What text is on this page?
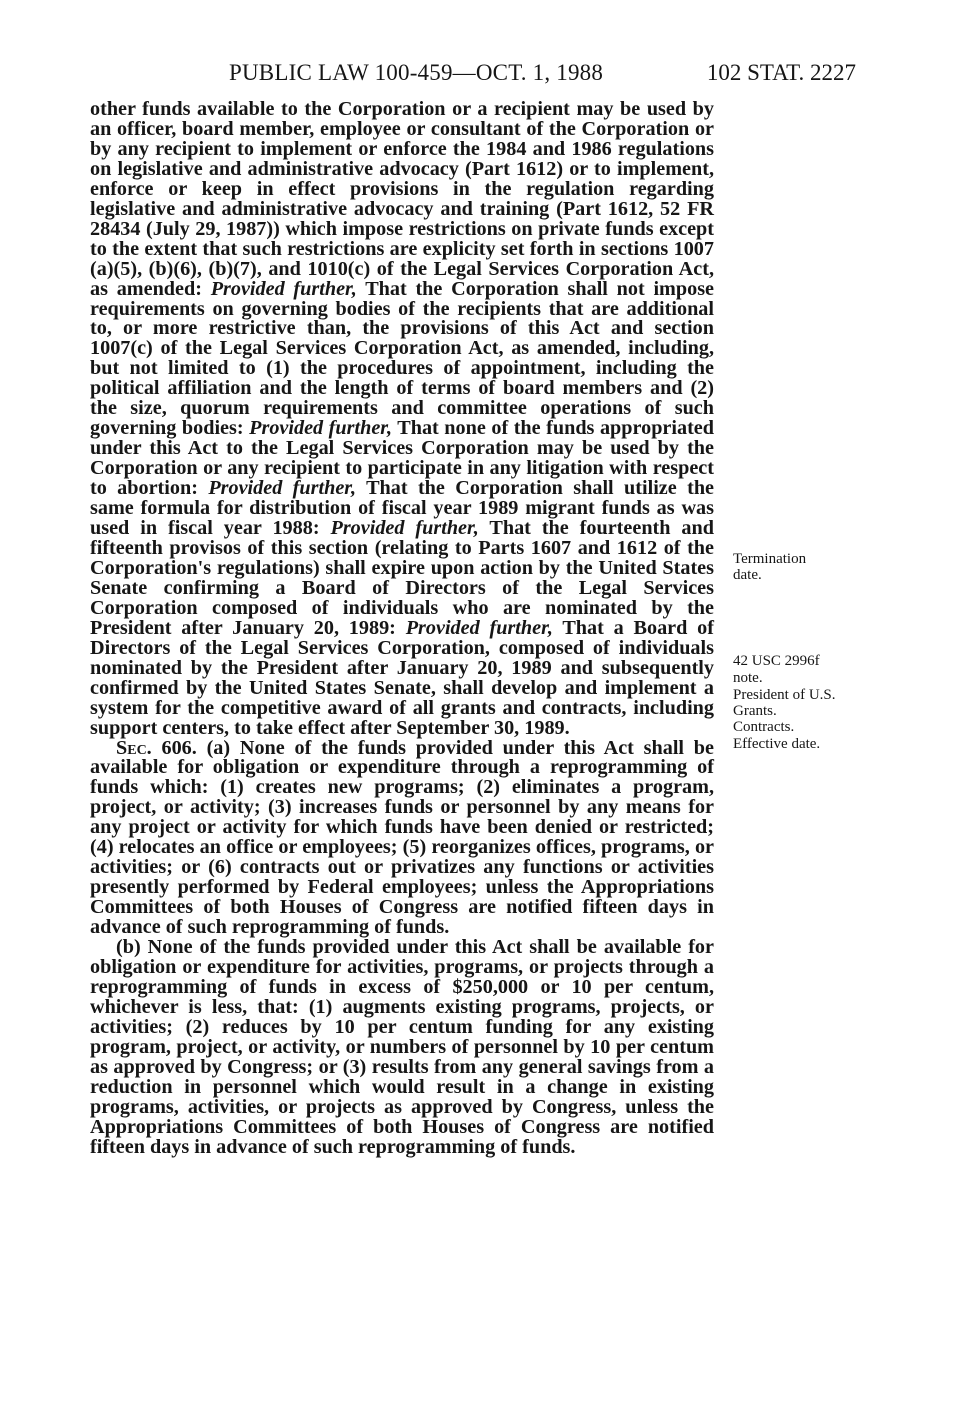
PUBLIC LAW 100-459—OCT. 1, 1988	102 STAT. 2227

other funds available to the Corporation or a recipient may be used by an officer, board member, employee or consultant of the Corporation or by any recipient to implement or enforce the 1984 and 1986 regulations on legislative and administrative advocacy (Part 1612) or to implement, enforce or keep in effect provisions in the regulation regarding legislative and administrative advocacy and training (Part 1612, 52 FR 28434 (July 29, 1987)) which impose restrictions on private funds except to the extent that such restrictions are explicity set forth in sections 1007 (a)(5), (b)(6), (b)(7), and 1010(c) of the Legal Services Corporation Act, as amended: Provided further, That the Corporation shall not impose requirements on governing bodies of the recipients that are additional to, or more restrictive than, the provisions of this Act and section 1007(c) of the Legal Services Corporation Act, as amended, including, but not limited to (1) the procedures of appointment, including the political affiliation and the length of terms of board members and (2) the size, quorum requirements and committee operations of such governing bodies: Provided further, That none of the funds appropriated under this Act to the Legal Services Corporation may be used by the Corporation or any recipient to participate in any litigation with respect to abortion: Provided further, That the Corporation shall utilize the same formula for distribution of fiscal year 1989 migrant funds as was used in fiscal year 1988: Provided further, That the fourteenth and fifteenth provisos of this section (relating to Parts 1607 and 1612 of the Corporation's regulations) shall expire upon action by the United States Senate confirming a Board of Directors of the Legal Services Corporation composed of individuals who are nominated by the President after January 20, 1989: Provided further, That a Board of Directors of the Legal Services Corporation, composed of individuals nominated by the President after January 20, 1989 and subsequently confirmed by the United States Senate, shall develop and implement a system for the competitive award of all grants and contracts, including support centers, to take effect after September 30, 1989.

Sec. 606. (a) None of the funds provided under this Act shall be available for obligation or expenditure through a reprogramming of funds which: (1) creates new programs; (2) eliminates a program, project, or activity; (3) increases funds or personnel by any means for any project or activity for which funds have been denied or restricted; (4) relocates an office or employees; (5) reorganizes offices, programs, or activities; or (6) contracts out or privatizes any functions or activities presently performed by Federal employees; unless the Appropriations Committees of both Houses of Congress are notified fifteen days in advance of such reprogramming of funds.

(b) None of the funds provided under this Act shall be available for obligation or expenditure for activities, programs, or projects through a reprogramming of funds in excess of $250,000 or 10 per centum, whichever is less, that: (1) augments existing programs, projects, or activities; (2) reduces by 10 per centum funding for any existing program, project, or activity, or numbers of personnel by 10 per centum as approved by Congress; or (3) results from any general savings from a reduction in personnel which would result in a change in existing programs, activities, or projects as approved by Congress, unless the Appropriations Committees of both Houses of Congress are notified fifteen days in advance of such reprogramming of funds.

Termination
date.
42 USC 2996f
note.
President of U.S.
Grants.
Contracts.
Effective date.
